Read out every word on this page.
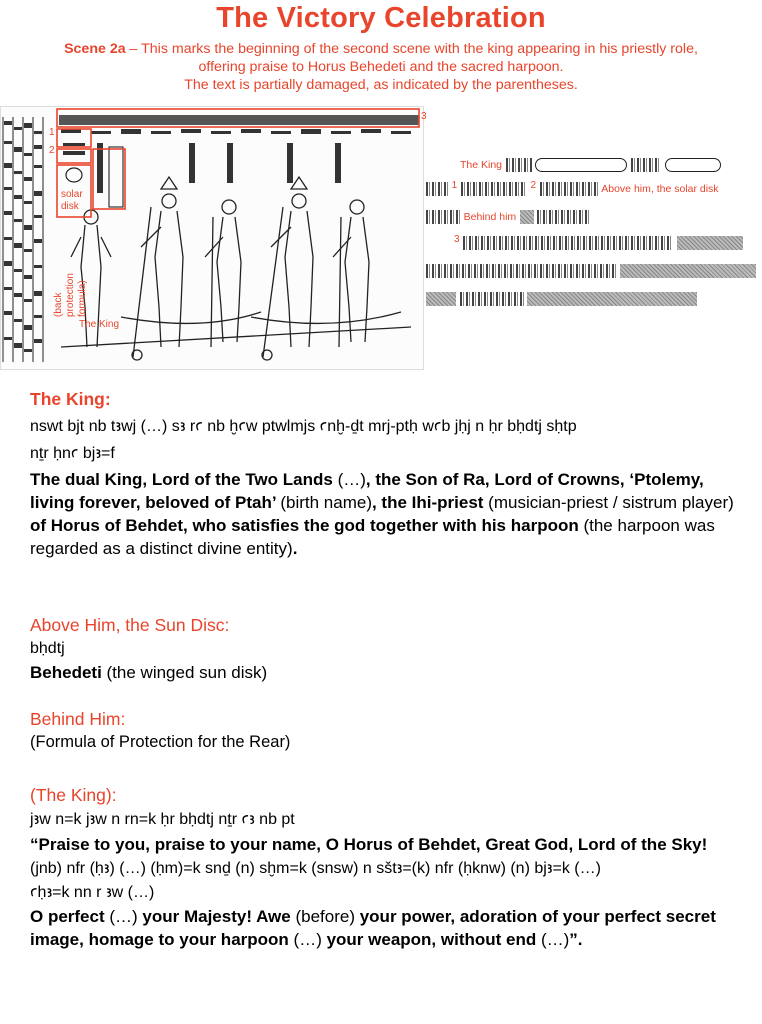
The Victory Celebration
Scene 2a – This marks the beginning of the second scene with the king appearing in his priestly role,
offering praise to Horus Behedeti and the sacred harpoon.
The text is partially damaged, as indicated by the parentheses.
3
1
2
solar disk
(back protection formula)
The King
The King
$^1$	$^2$	Above him, the solar disk
Behind him
$^3$

The King:
nswt bjt nb tꜣwj (…) sꜣ rꜥ nb ḫꜥw ptwlmjs ꜥnḫ-ḏt mrj-ptḥ wꜥb jḥj n ḥr bḥdtj sḥtp
nṯr ḥnꜥ bjꜣ=f
The dual King, Lord of the Two Lands (…), the Son of Ra, Lord of Crowns, ‘Ptolemy, living forever, beloved of Ptah’ (birth name), the Ihi-priest (musician-priest / sistrum player) of Horus of Behdet, who satisfies the god together with his harpoon (the harpoon was regarded as a distinct divine entity).
Above Him, the Sun Disc:
bḥdtj
Behedeti (the winged sun disk)
Behind Him:
(Formula of Protection for the Rear)
(The King):
jꜣw n=k jꜣw n rn=k ḥr bḥdtj nṯr ꜥꜣ nb pt
“Praise to you, praise to your name, O Horus of Behdet, Great God, Lord of the Sky!
(jnb) nfr (ḥꜣ) (…) (ḥm)=k snḏ (n) sḫm=k (snsw) n sštꜣ=(k) nfr (ḥknw) (n) bjꜣ=k (…)
ꜥḥꜣ=k nn r ꜣw (…)
O perfect (…) your Majesty! Awe (before) your power, adoration of your perfect secret image, homage to your harpoon (…) your weapon, without end (…)”.
